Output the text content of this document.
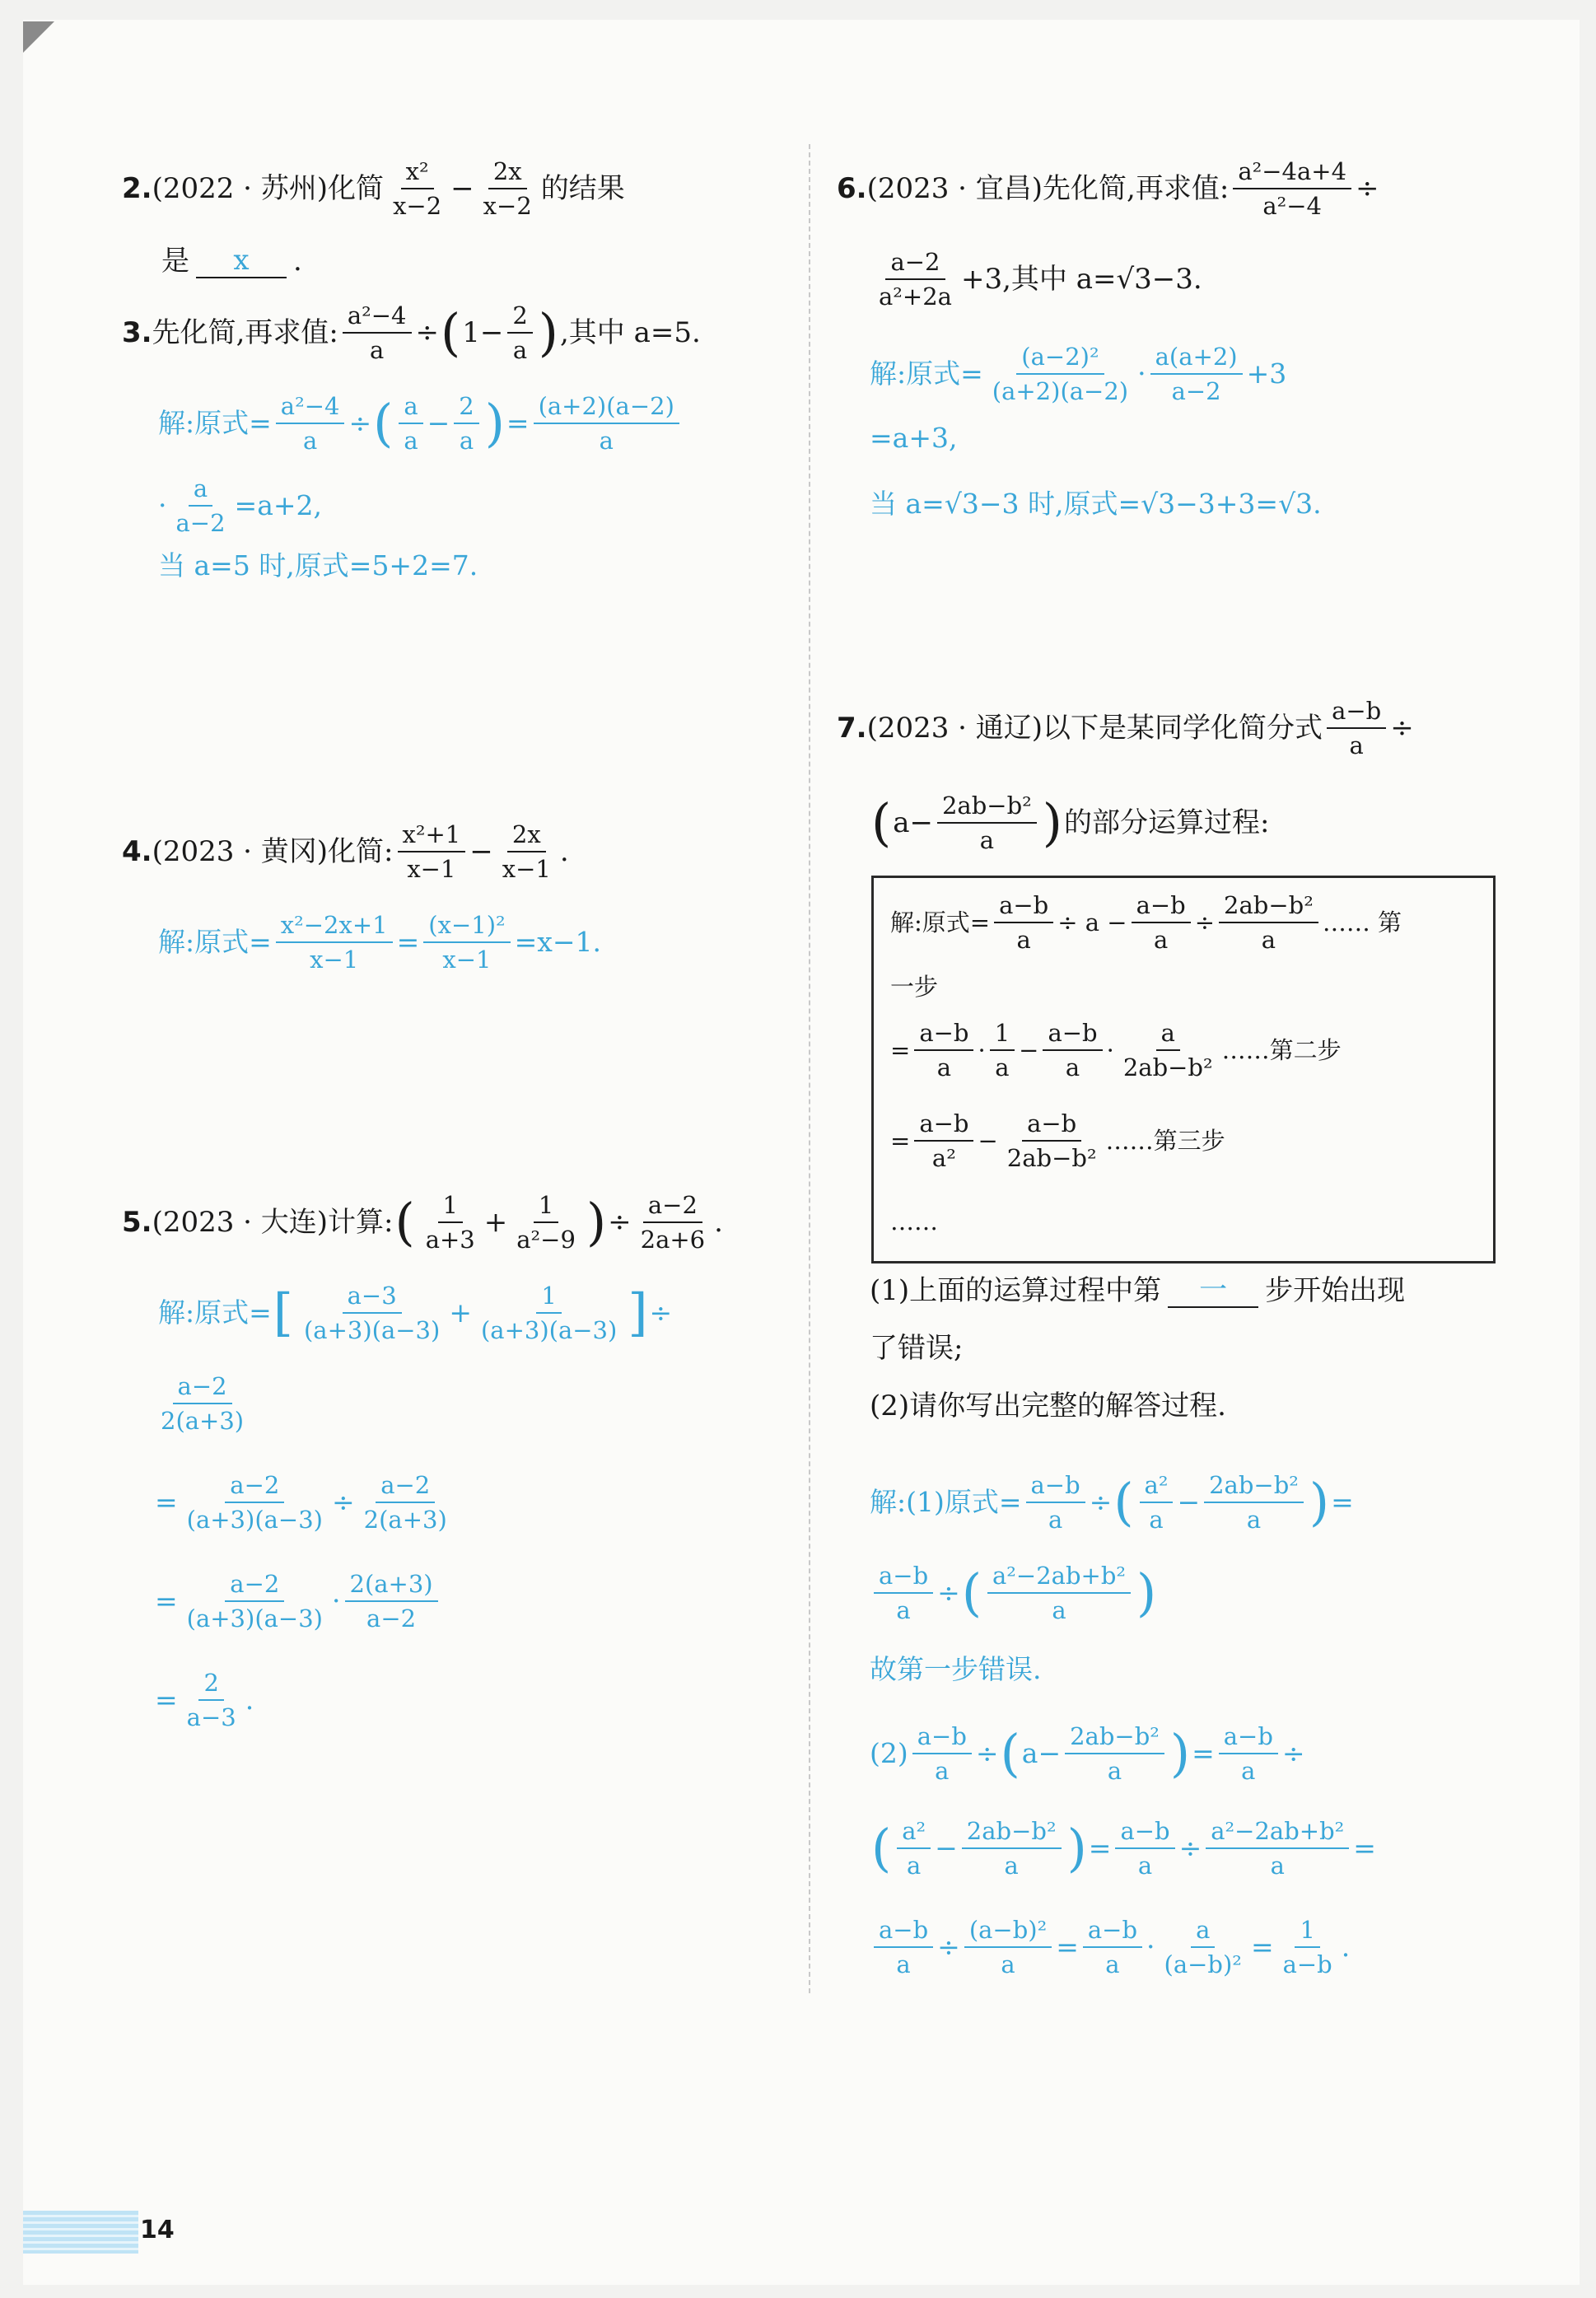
2. (2022 · 苏州)化简 $\frac{\text{x²}}{x-2} - \frac{2x}{x-2}$ 的结果
是	x	.
3. 先化简,再求值: $\frac{\text{a²−4}}{a}$ ÷ ( $1- \frac{2}{a}$ ) ,其中 a=5.
解:原式= $\frac{\text{a²−4}}{a}$ ÷ ( $\frac{a}{a} - \frac{2}{a}$ ) = $\frac{(a+2)(a-2)}{a}$
· $\frac{a}{a-2} =a+2$,
当 a=5 时,原式=5+2=7.
4. (2023 · 黄冈)化简: $\frac{\text{x²+1}}{x-1} - \frac{2x}{x-1}$ .
解:原式= $\frac{\text{x²−2x+1}}{x-1} = \frac{\text{(x−1)²}}{x-1} =x-1$.
5. (2023 · 大连)计算: ( $\frac{1}{a+3} + \frac{1}{\text{a²−9}}$ ) ÷ $\frac{a-2}{2a+6}$ .
解:原式= [ $\frac{a-3}{(a+3)(a-3)} + \frac{1}{(a+3)(a-3)}$ ] ÷
$\frac{a-2}{2(a+3)}$
= $\frac{a-2}{(a+3)(a-3)} \div \frac{a-2}{2(a+3)}$
= $\frac{a-2}{(a+3)(a-3)} \cdot \frac{2(a+3)}{a-2}$
= $\frac{2}{a-3}$ .
6. (2023 · 宜昌)先化简,再求值: $\frac{\text{a²−4a+4}}{\text{a²−4}}$ ÷
$\frac{a-2}{\text{a²+2a}} +3$,其中 a=√3−3.
解:原式= $\frac{\text{(a−2)²}}{(a+2)(a-2)} \cdot \frac{a(a+2)}{a-2} +3$
=a+3,
当 a=√3−3 时,原式=√3−3+3=√3.
7. (2023 · 通辽)以下是某同学化简分式 $\frac{a-b}{a}$ ÷
( $a- \frac{\text{2ab−b²}}{a}$ ) 的部分运算过程:
解:原式= $\frac{a-b}{a} \div a - \frac{a-b}{a} \div \frac{\text{2ab−b²}}{a}$ …… 第
一步
= $\frac{a-b}{a} \cdot \frac{1}{a} - \frac{a-b}{a} \cdot \frac{a}{\text{2ab−b²}}$ ……第二步
= $\frac{a-b}{\text{a²}} - \frac{a-b}{\text{2ab−b²}}$ ……第三步
……
(1)上面的运算过程中第	一	步开始出现
了错误;
(2)请你写出完整的解答过程.
解:(1)原式= $\frac{a-b}{a}$ ÷ ( $\frac{\text{a²}}{a} - \frac{\text{2ab−b²}}{a}$ ) =
$\frac{a-b}{a}$ ÷ ( $\frac{\text{a²−2ab+b²}}{a}$ )
故第一步错误.
$(2) \frac{a-b}{a}$ ÷ ( $a- \frac{\text{2ab−b²}}{a}$ ) = $\frac{a-b}{a}$ ÷
( $\frac{\text{a²}}{a} - \frac{\text{2ab−b²}}{a}$ ) = $\frac{a-b}{a} \div \frac{\text{a²−2ab+b²}}{a}$ =
$\frac{a-b}{a} \div \frac{\text{(a−b)²}}{a} = \frac{a-b}{a} \cdot \frac{a}{\text{(a−b)²}} = \frac{1}{a-b}$ .
14
